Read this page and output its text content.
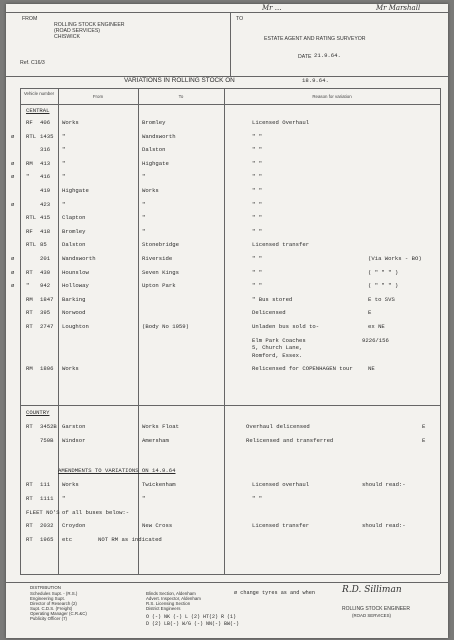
FROM
ROLLING STOCK ENGINEER
(ROAD SERVICES)
CHISWICK
Ref. C16/3
TO
ESTATE AGENT AND RATING SURVEYOR
DATE 21.9.64.
Mr ...	Mr Marshall
VARIATIONS IN ROLLING STOCK ON	18.9.64.
Vehicle number
From	To	Reason for variation
CENTRAL
COUNTRY
AMENDMENTS TO VARIATIONS ON 14.9.64
DISTRIBUTION
Schedules Supt. - (R.S.)
Engineering Supt.
Director of Research (2)
Supt. C.D.S. (Freight)
Operating Manager (C.R.&C)
Publicity Officer (7)
Blinds Section, Aldenham
Advert. Inspector, Aldenham
R.S. Licensing Section
District Engineers
ø change tyres as and when
O (-) NK (-) L (2) HT(2) R (1)
D (2) LB(-) W/G (-) NN(-) BW(-)
R.D. Silliman
ROLLING STOCK ENGINEER
(ROAD SERVICES)
RF 406 Works	Bromley	Licensed Overhaul
ø RTL 1435 "	Wandsworth	" "
316 "	Dalston	" "
ø RM 413 "	Highgate	" "
ø " 416 "	"	" "
419 Highgate	Works	" "
ø	423 "	"	" "
RTL 415 Clapton	"	" "
RF 418 Bromley	"	" "
RTL 85	Dalston	Stonebridge	Licensed transfer
ø	201 Wandsworth	Riverside	" "	(Via Works - BO)
ø RT 430 Hounslow	Seven Kings	" "	( " " " )
ø " 942 Holloway	Upton Park	" "	( " " " )
RM 1847 Barking	" Bus stored	E to SVS
RT 395 Norwood	Delicensed	E
RT 2747 Loughton	(Body No 1959)	Unladen bus sold to-	ex NE
Elm Park Coaches	9226/156
5, Church Lane,
Romford, Essex.
RM 1806 Works	Relicensed for COPENHAGEN tour	NE
RT 3452B Garston	Works Float	Overhaul delicensed	E
750B Windsor	Amersham	Relicensed and transferred	E
RT 111 Works	Twickenham	Licensed overhaul	should read:-
RT 1111 "	"	" "
FLEET NO'S of all buses below:-
RT 2032 Croydon	New Cross	Licensed transfer	should read:-
RT 1965 etc	NOT RM as indicated
